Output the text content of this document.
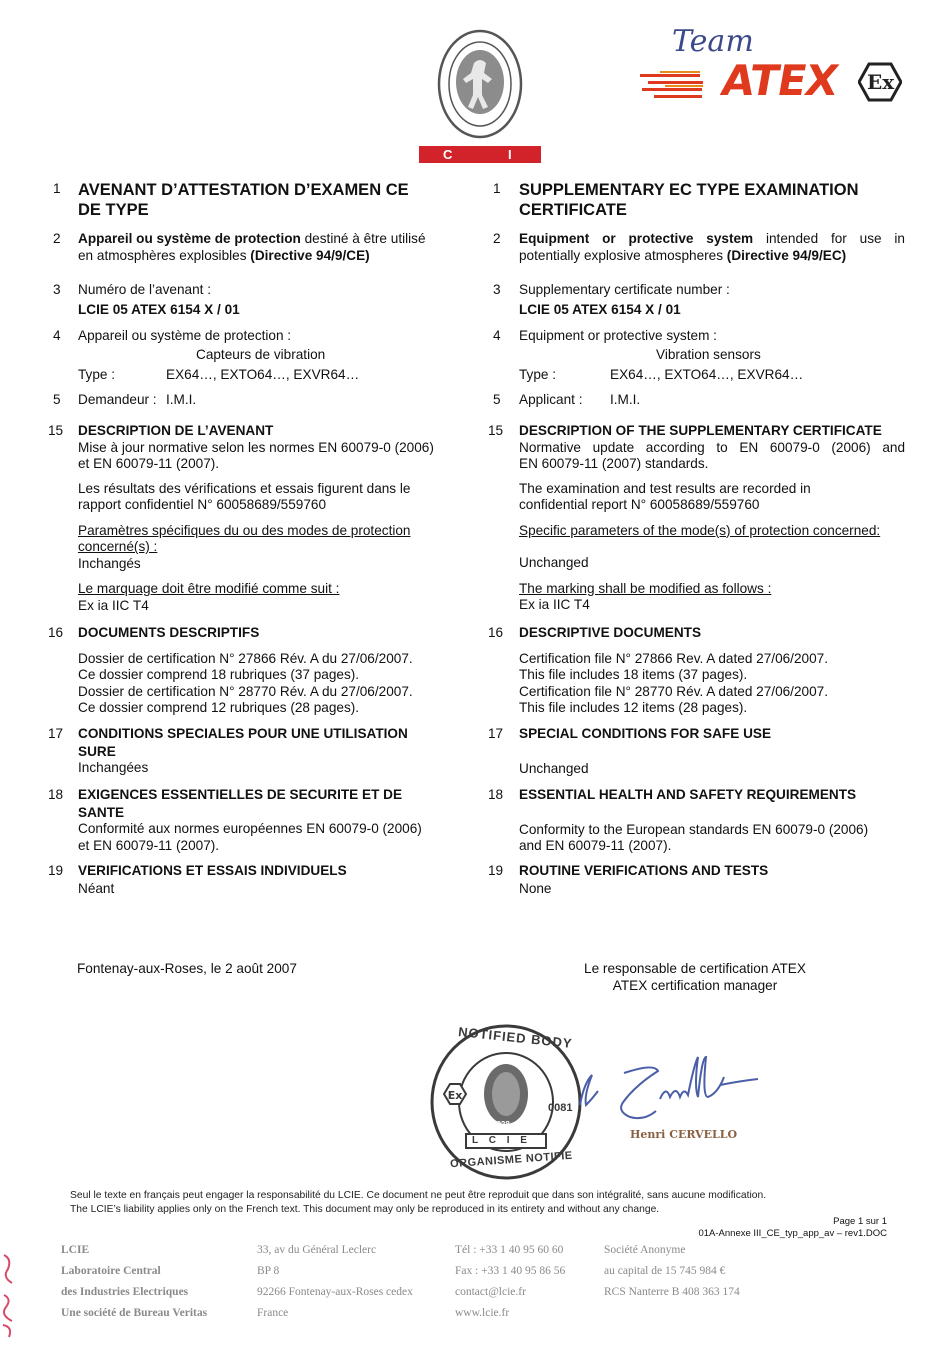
L C I E
Team
ATEX Ex
1 AVENANT D’ATTESTATION D’EXAMEN CE
DE TYPE
2 Appareil ou système de protection destiné à être utilisé
en atmosphères explosibles (Directive 94/9/CE)
3 Numéro de l’avenant :
LCIE 05 ATEX 6154 X / 01
4 Appareil ou système de protection :
Capteurs de vibration
Type :	EX64…, EXTO64…, EXVR64…
5 Demandeur : I.M.I.
15 DESCRIPTION DE L’AVENANT
Mise à jour normative selon les normes EN 60079-0 (2006)
et EN 60079-11 (2007).
Les résultats des vérifications et essais figurent dans le
rapport confidentiel N° 60058689/559760
Paramètres spécifiques du ou des modes de protection
concerné(s) :
Inchangés
Le marquage doit être modifié comme suit :
Ex ia IIC T4
16 DOCUMENTS DESCRIPTIFS
Dossier de certification N° 27866 Rév. A du 27/06/2007.
Ce dossier comprend 18 rubriques (37 pages).
Dossier de certification N° 28770 Rév. A du 27/06/2007.
Ce dossier comprend 12 rubriques (28 pages).
17 CONDITIONS SPECIALES POUR UNE UTILISATION
SURE
Inchangées
18 EXIGENCES ESSENTIELLES DE SECURITE ET DE
SANTE
Conformité aux normes européennes EN 60079-0 (2006)
et EN 60079-11 (2007).
19 VERIFICATIONS ET ESSAIS INDIVIDUELS
Néant
Fontenay-aux-Roses, le 2 août 2007
1 SUPPLEMENTARY EC TYPE EXAMINATION
CERTIFICATE
2 Equipment or protective system intended for use in
potentially explosive atmospheres (Directive 94/9/EC)
3 Supplementary certificate number :
LCIE 05 ATEX 6154 X / 01
4 Equipment or protective system :
Vibration sensors
Type :	EX64…, EXTO64…, EXVR64…
5 Applicant : I.M.I.
15 DESCRIPTION OF THE SUPPLEMENTARY CERTIFICATE
Normative update according to EN 60079-0 (2006) and
EN 60079-11 (2007) standards.
The examination and test results are recorded in
confidential report N° 60058689/559760
Specific parameters of the mode(s) of protection concerned:
Unchanged
The marking shall be modified as follows :
Ex ia IIC T4
16 DESCRIPTIVE DOCUMENTS
Certification file N° 27866 Rev. A dated 27/06/2007.
This file includes 18 items (37 pages).
Certification file N° 28770 Rév. A dated 27/06/2007.
This file includes 12 items (28 pages).
17 SPECIAL CONDITIONS FOR SAFE USE
Unchanged
18 ESSENTIAL HEALTH AND SAFETY REQUIREMENTS
Conformity to the European standards EN 60079-0 (2006)
and EN 60079-11 (2007).
19 ROUTINE VERIFICATIONS AND TESTS
None
Le responsable de certification ATEX
ATEX certification manager
Ex
NOTIFIED BODY
ORGANISME NOTIFIE
0081
L C I E
1828
Henri CERVELLO
Seul le texte en français peut engager la responsabilité du LCIE. Ce document ne peut être reproduit que dans son intégralité, sans aucune modification.
The LCIE’s liability applies only on the French text. This document may only be reproduced in its entirety and without any change.
Page 1 sur 1
01A-Annexe III_CE_typ_app_av – rev1.DOC
LCIE
Laboratoire Central
des Industries Electriques
Une société de Bureau Veritas
33, av du Général Leclerc
BP 8
92266 Fontenay-aux-Roses cedex
France
Tél : +33 1 40 95 60 60
Fax : +33 1 40 95 86 56
contact@lcie.fr
www.lcie.fr
Société Anonyme
au capital de 15 745 984 €
RCS Nanterre B 408 363 174
